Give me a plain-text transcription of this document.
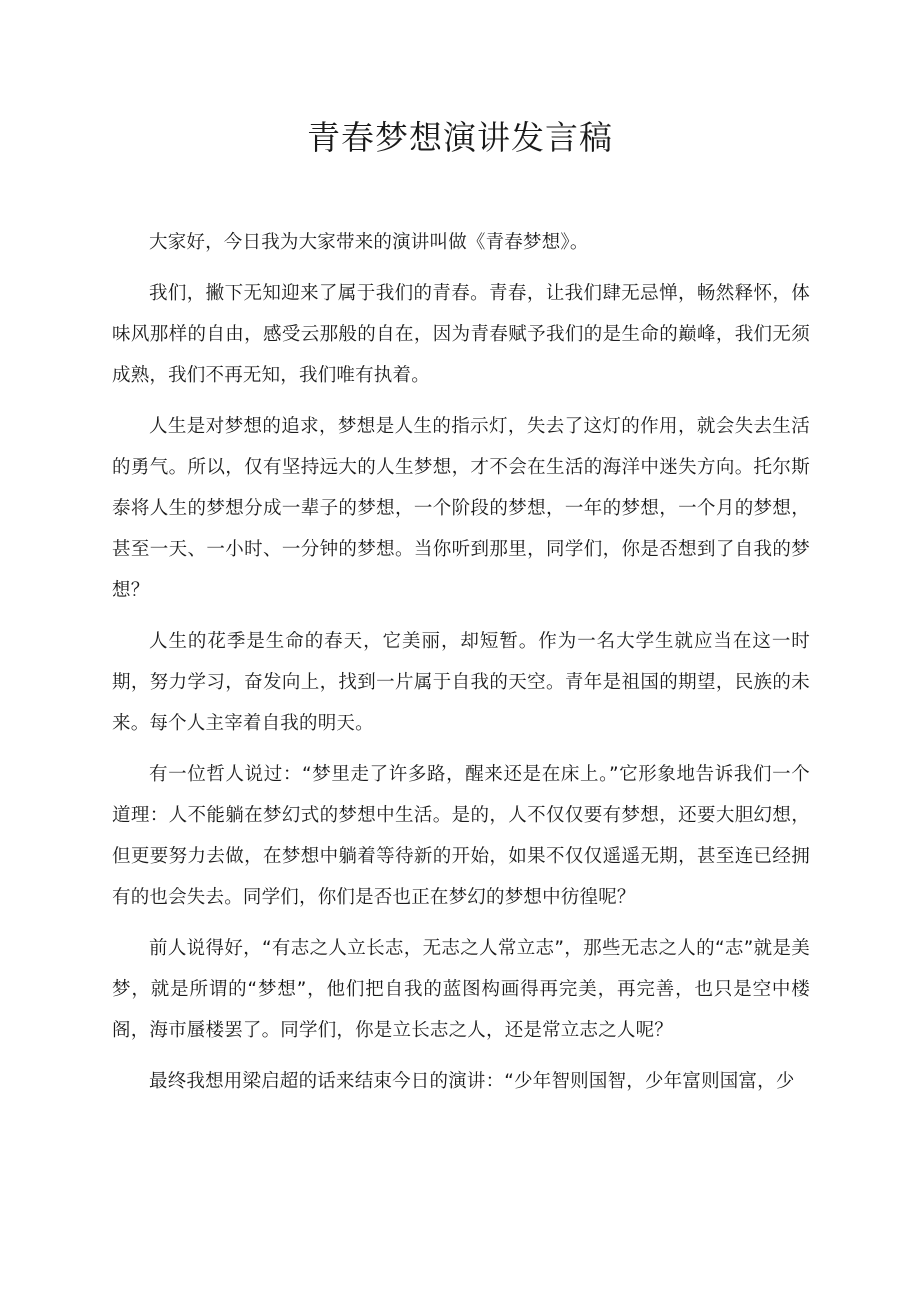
青春梦想演讲发言稿

大家好，今日我为大家带来的演讲叫做《青春梦想》。

我们，撇下无知迎来了属于我们的青春。青春，让我们肆无忌惮，畅然释怀，体味风那样的自由，感受云那般的自在，因为青春赋予我们的是生命的巅峰，我们无须成熟，我们不再无知，我们唯有执着。

人生是对梦想的追求，梦想是人生的指示灯，失去了这灯的作用，就会失去生活的勇气。所以，仅有坚持远大的人生梦想，才不会在生活的海洋中迷失方向。托尔斯泰将人生的梦想分成一辈子的梦想，一个阶段的梦想，一年的梦想，一个月的梦想，甚至一天、一小时、一分钟的梦想。当你听到那里，同学们，你是否想到了自我的梦想？

人生的花季是生命的春天，它美丽，却短暂。作为一名大学生就应当在这一时期，努力学习，奋发向上，找到一片属于自我的天空。青年是祖国的期望，民族的未来。每个人主宰着自我的明天。

有一位哲人说过：“梦里走了许多路，醒来还是在床上。”它形象地告诉我们一个道理：人不能躺在梦幻式的梦想中生活。是的，人不仅仅要有梦想，还要大胆幻想，但更要努力去做，在梦想中躺着等待新的开始，如果不仅仅遥遥无期，甚至连已经拥有的也会失去。同学们，你们是否也正在梦幻的梦想中彷徨呢？

前人说得好，“有志之人立长志，无志之人常立志”，那些无志之人的“志”就是美梦，就是所谓的“梦想”，他们把自我的蓝图构画得再完美，再完善，也只是空中楼阁，海市蜃楼罢了。同学们，你是立长志之人，还是常立志之人呢？

最终我想用梁启超的话来结束今日的演讲：“少年智则国智，少年富则国富，少
